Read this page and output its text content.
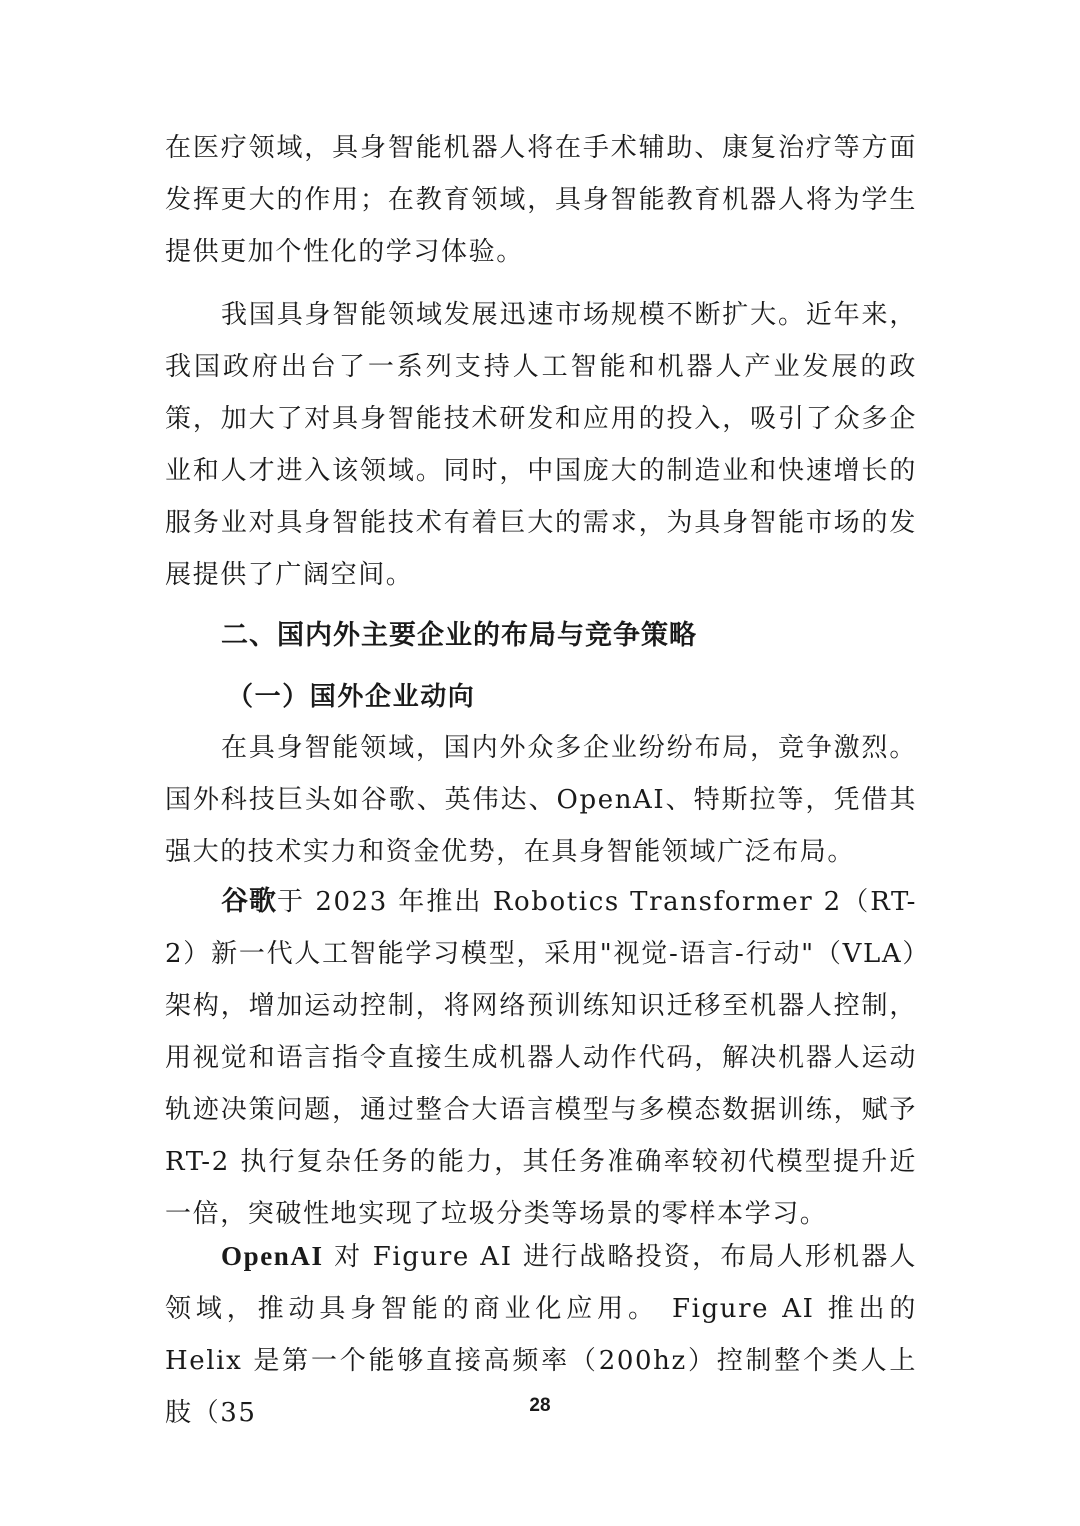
在医疗领域，具身智能机器人将在手术辅助、康复治疗等方面发挥更大的作用；在教育领域，具身智能教育机器人将为学生提供更加个性化的学习体验。

我国具身智能领域发展迅速市场规模不断扩大。近年来，我国政府出台了一系列支持人工智能和机器人产业发展的政策，加大了对具身智能技术研发和应用的投入，吸引了众多企业和人才进入该领域。同时，中国庞大的制造业和快速增长的服务业对具身智能技术有着巨大的需求，为具身智能市场的发展提供了广阔空间。

二、国内外主要企业的布局与竞争策略
（一）国外企业动向

在具身智能领域，国内外众多企业纷纷布局，竞争激烈。国外科技巨头如谷歌、英伟达、OpenAI、特斯拉等，凭借其强大的技术实力和资金优势，在具身智能领域广泛布局。

谷歌于 2023 年推出 Robotics Transformer 2（RT-2）新一代人工智能学习模型，采用"视觉-语言-行动"（VLA）架构，增加运动控制，将网络预训练知识迁移至机器人控制，用视觉和语言指令直接生成机器人动作代码，解决机器人运动轨迹决策问题，通过整合大语言模型与多模态数据训练，赋予 RT-2 执行复杂任务的能力，其任务准确率较初代模型提升近一倍，突破性地实现了垃圾分类等场景的零样本学习。

OpenAI 对 Figure AI 进行战略投资，布局人形机器人领域，推动具身智能的商业化应用。 Figure AI 推出的 Helix 是第一个能够直接高频率（200hz）控制整个类人上肢（35	28
